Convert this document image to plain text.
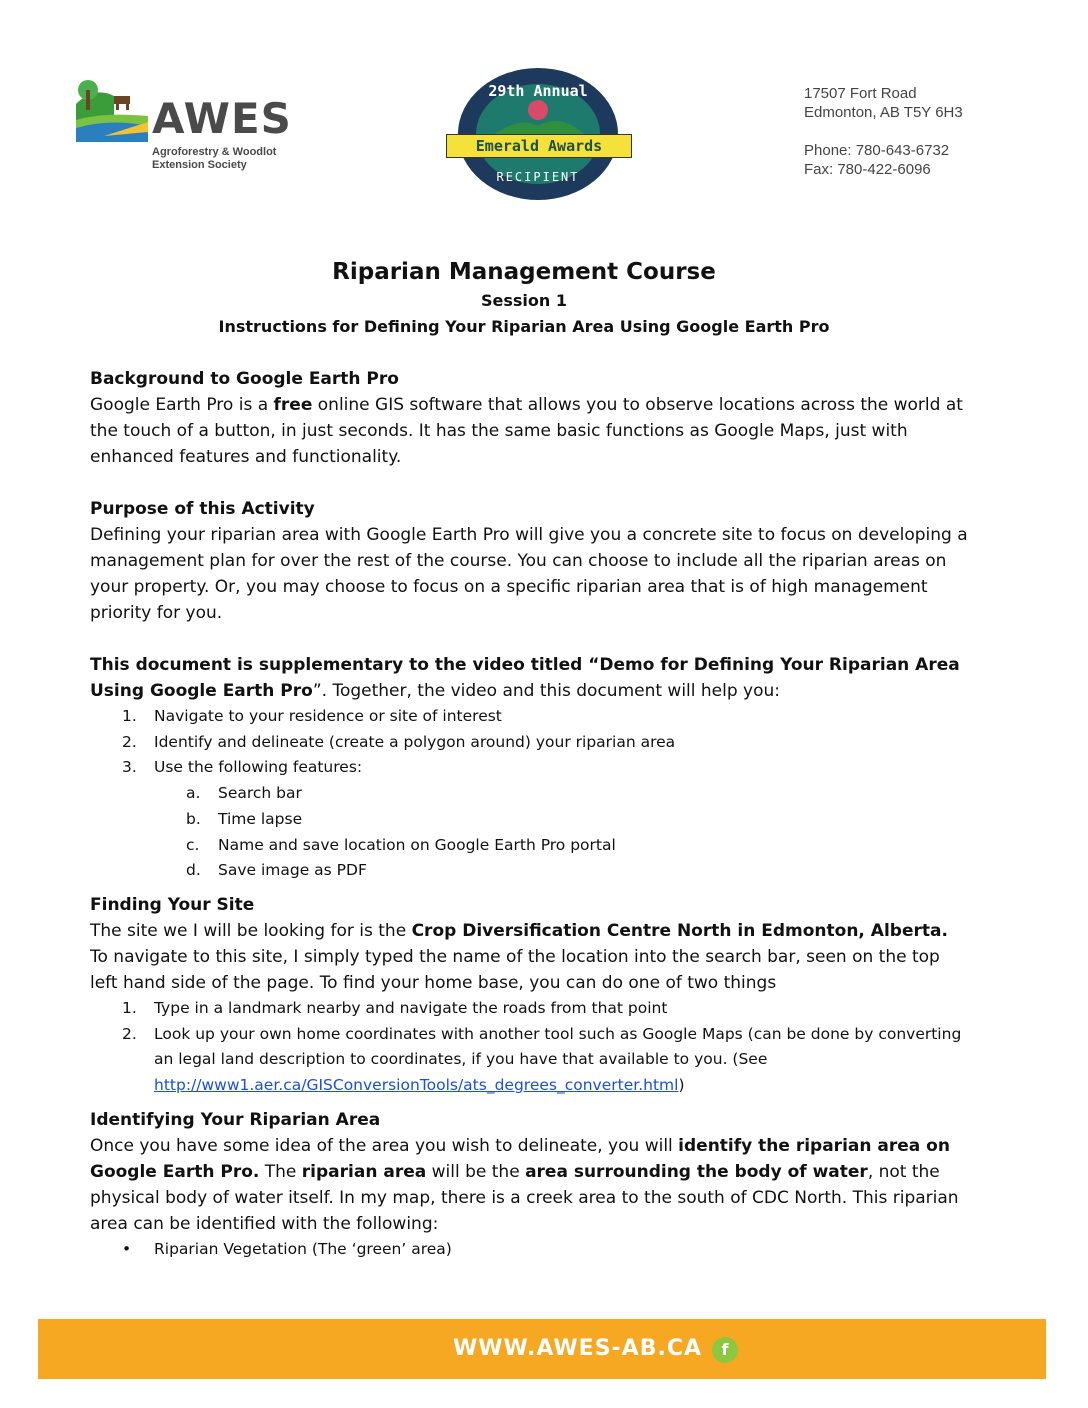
AWES
Agroforestry & Woodlot Extension Society
29th Annual
Emerald Awards
RECIPIENT
17507 Fort Road
Edmonton, AB T5Y 6H3
Phone: 780-643-6732
Fax: 780-422-6096
Riparian Management Course
Session 1
Instructions for Defining Your Riparian Area Using Google Earth Pro
Background to Google Earth Pro

Google Earth Pro is a free online GIS software that allows you to observe locations across the world at the touch of a button, in just seconds. It has the same basic functions as Google Maps, just with enhanced features and functionality.

Purpose of this Activity

Defining your riparian area with Google Earth Pro will give you a concrete site to focus on developing a management plan for over the rest of the course. You can choose to include all the riparian areas on your property. Or, you may choose to focus on a specific riparian area that is of high management priority for you.

This document is supplementary to the video titled “Demo for Defining Your Riparian Area Using Google Earth Pro”. Together, the video and this document will help you:

1. Navigate to your residence or site of interest
2. Identify and delineate (create a polygon around) your riparian area
3. Use the following features:
a. Search bar
b. Time lapse
c. Name and save location on Google Earth Pro portal
d. Save image as PDF
Finding Your Site

The site we I will be looking for is the Crop Diversification Centre North in Edmonton, Alberta. To navigate to this site, I simply typed the name of the location into the search bar, seen on the top left hand side of the page. To find your home base, you can do one of two things

1. Type in a landmark nearby and navigate the roads from that point
2. Look up your own home coordinates with another tool such as Google Maps (can be done by converting an legal land description to coordinates, if you have that available to you. (See http://www1.aer.ca/GISConversionTools/ats_degrees_converter.html)
Identifying Your Riparian Area

Once you have some idea of the area you wish to delineate, you will identify the riparian area on Google Earth Pro. The riparian area will be the area surrounding the body of water, not the physical body of water itself. In my map, there is a creek area to the south of CDC North. This riparian area can be identified with the following:

• Riparian Vegetation (The ‘green’ area)
WWW.AWES-AB.CA	f
